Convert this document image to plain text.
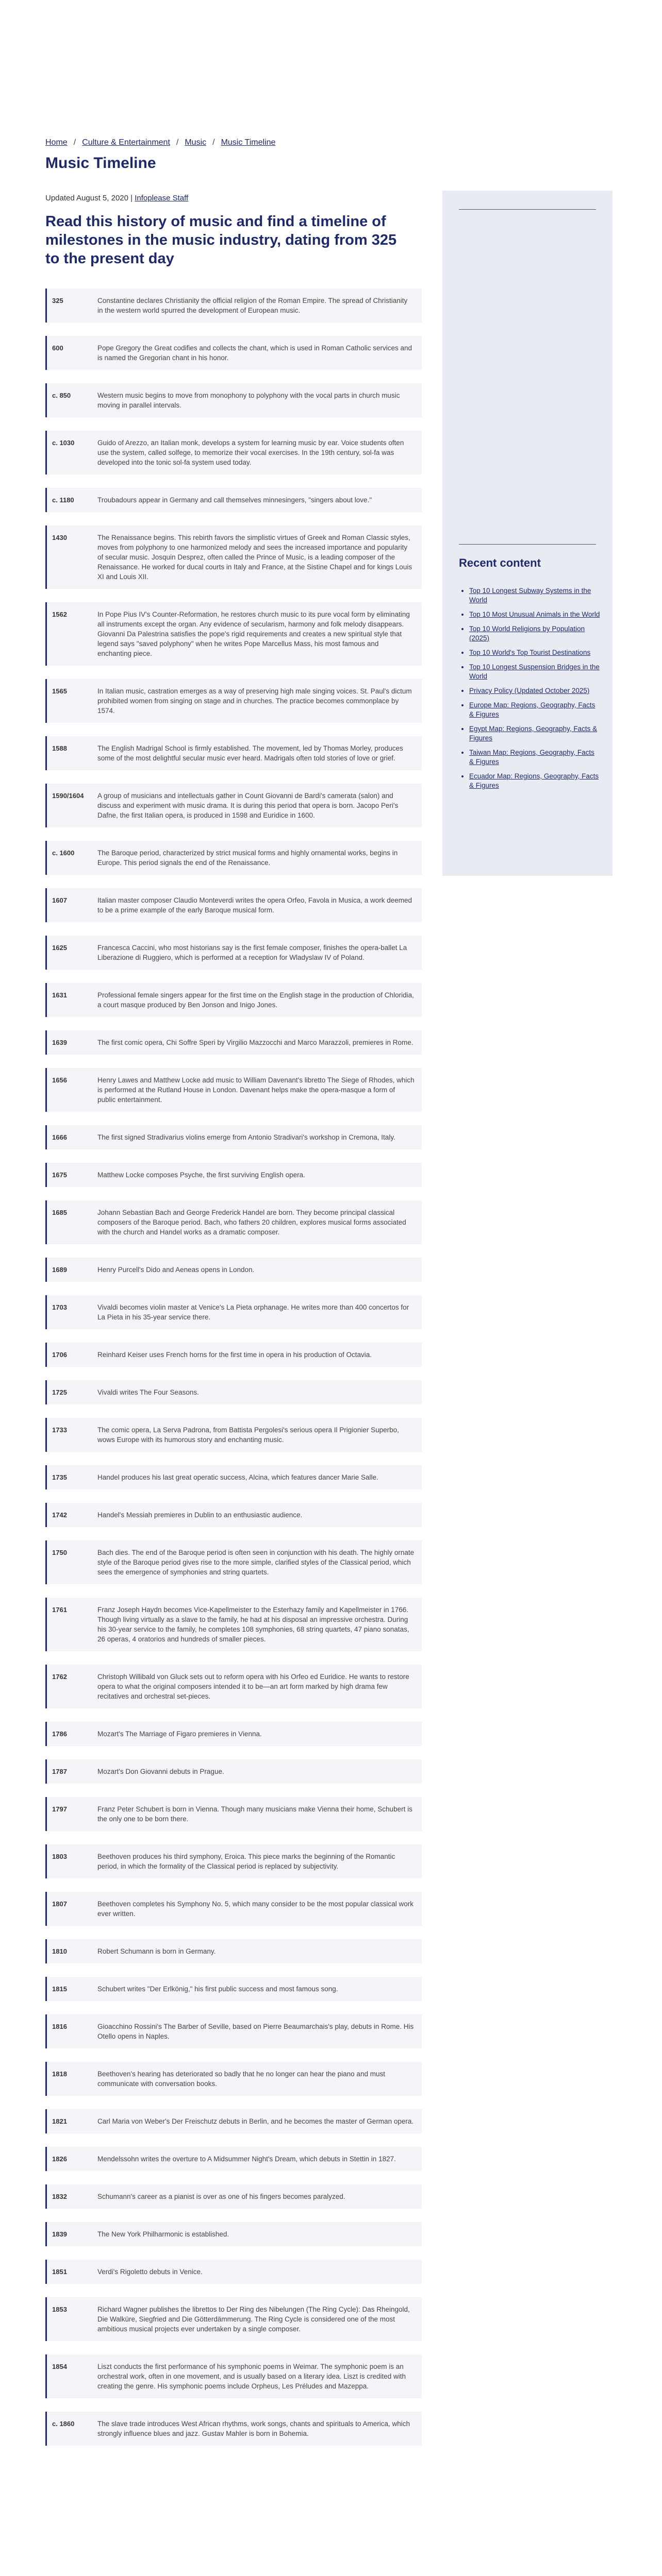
Home / Culture & Entertainment / Music / Music Timeline
Music Timeline
Updated August 5, 2020 | Infoplease Staff
Read this history of music and find a timeline of milestones in the music industry, dating from 325 to the present day
325	Constantine declares Christianity the official religion of the Roman Empire. The spread of Christianity in the western world spurred the development of European music.
600	Pope Gregory the Great codifies and collects the chant, which is used in Roman Catholic services and is named the Gregorian chant in his honor.
c. 850	Western music begins to move from monophony to polyphony with the vocal parts in church music moving in parallel intervals.
c. 1030	Guido of Arezzo, an Italian monk, develops a system for learning music by ear. Voice students often use the system, called solfege, to memorize their vocal exercises. In the 19th century, sol-fa was developed into the tonic sol-fa system used today.
c. 1180	Troubadours appear in Germany and call themselves minnesingers, "singers about love."
1430	The Renaissance begins. This rebirth favors the simplistic virtues of Greek and Roman Classic styles, moves from polyphony to one harmonized melody and sees the increased importance and popularity of secular music. Josquin Desprez, often called the Prince of Music, is a leading composer of the Renaissance. He worked for ducal courts in Italy and France, at the Sistine Chapel and for kings Louis XI and Louis XII.
1562	In Pope Pius IV's Counter-Reformation, he restores church music to its pure vocal form by eliminating all instruments except the organ. Any evidence of secularism, harmony and folk melody disappears. Giovanni Da Palestrina satisfies the pope's rigid requirements and creates a new spiritual style that legend says "saved polyphony" when he writes Pope Marcellus Mass, his most famous and enchanting piece.
1565	In Italian music, castration emerges as a way of preserving high male singing voices. St. Paul's dictum prohibited women from singing on stage and in churches. The practice becomes commonplace by 1574.
1588	The English Madrigal School is firmly established. The movement, led by Thomas Morley, produces some of the most delightful secular music ever heard. Madrigals often told stories of love or grief.
1590/1604	A group of musicians and intellectuals gather in Count Giovanni de Bardi's camerata (salon) and discuss and experiment with music drama. It is during this period that opera is born. Jacopo Peri's Dafne, the first Italian opera, is produced in 1598 and Euridice in 1600.
c. 1600	The Baroque period, characterized by strict musical forms and highly ornamental works, begins in Europe. This period signals the end of the Renaissance.
1607	Italian master composer Claudio Monteverdi writes the opera Orfeo, Favola in Musica, a work deemed to be a prime example of the early Baroque musical form.
1625	Francesca Caccini, who most historians say is the first female composer, finishes the opera-ballet La Liberazione di Ruggiero, which is performed at a reception for Wladyslaw IV of Poland.
1631	Professional female singers appear for the first time on the English stage in the production of Chloridia, a court masque produced by Ben Jonson and Inigo Jones.
1639	The first comic opera, Chi Soffre Speri by Virgilio Mazzocchi and Marco Marazzoli, premieres in Rome.
1656	Henry Lawes and Matthew Locke add music to William Davenant's libretto The Siege of Rhodes, which is performed at the Rutland House in London. Davenant helps make the opera-masque a form of public entertainment.
1666	The first signed Stradivarius violins emerge from Antonio Stradivari's workshop in Cremona, Italy.
1675	Matthew Locke composes Psyche, the first surviving English opera.
1685	Johann Sebastian Bach and George Frederick Handel are born. They become principal classical composers of the Baroque period. Bach, who fathers 20 children, explores musical forms associated with the church and Handel works as a dramatic composer.
1689	Henry Purcell's Dido and Aeneas opens in London.
1703	Vivaldi becomes violin master at Venice's La Pieta orphanage. He writes more than 400 concertos for La Pieta in his 35-year service there.
1706	Reinhard Keiser uses French horns for the first time in opera in his production of Octavia.
1725	Vivaldi writes The Four Seasons.
1733	The comic opera, La Serva Padrona, from Battista Pergolesi's serious opera Il Prigionier Superbo, wows Europe with its humorous story and enchanting music.
1735	Handel produces his last great operatic success, Alcina, which features dancer Marie Salle.
1742	Handel's Messiah premieres in Dublin to an enthusiastic audience.
1750	Bach dies. The end of the Baroque period is often seen in conjunction with his death. The highly ornate style of the Baroque period gives rise to the more simple, clarified styles of the Classical period, which sees the emergence of symphonies and string quartets.
1761	Franz Joseph Haydn becomes Vice-Kapellmeister to the Esterhazy family and Kapellmeister in 1766. Though living virtually as a slave to the family, he had at his disposal an impressive orchestra. During his 30-year service to the family, he completes 108 symphonies, 68 string quartets, 47 piano sonatas, 26 operas, 4 oratorios and hundreds of smaller pieces.
1762	Christoph Willibald von Gluck sets out to reform opera with his Orfeo ed Euridice. He wants to restore opera to what the original composers intended it to be—an art form marked by high drama few recitatives and orchestral set-pieces.
1786	Mozart's The Marriage of Figaro premieres in Vienna.
1787	Mozart's Don Giovanni debuts in Prague.
1797	Franz Peter Schubert is born in Vienna. Though many musicians make Vienna their home, Schubert is the only one to be born there.
1803	Beethoven produces his third symphony, Eroica. This piece marks the beginning of the Romantic period, in which the formality of the Classical period is replaced by subjectivity.
1807	Beethoven completes his Symphony No. 5, which many consider to be the most popular classical work ever written.
1810	Robert Schumann is born in Germany.
1815	Schubert writes "Der Erlkönig," his first public success and most famous song.
1816	Gioacchino Rossini's The Barber of Seville, based on Pierre Beaumarchais's play, debuts in Rome. His Otello opens in Naples.
1818	Beethoven's hearing has deteriorated so badly that he no longer can hear the piano and must communicate with conversation books.
1821	Carl Maria von Weber's Der Freischutz debuts in Berlin, and he becomes the master of German opera.
1826	Mendelssohn writes the overture to A Midsummer Night's Dream, which debuts in Stettin in 1827.
1832	Schumann's career as a pianist is over as one of his fingers becomes paralyzed.
1839	The New York Philharmonic is established.
1851	Verdi's Rigoletto debuts in Venice.
1853	Richard Wagner publishes the librettos to Der Ring des Nibelungen (The Ring Cycle): Das Rheingold, Die Walküre, Siegfried and Die Götterdämmerung. The Ring Cycle is considered one of the most ambitious musical projects ever undertaken by a single composer.
1854	Liszt conducts the first performance of his symphonic poems in Weimar. The symphonic poem is an orchestral work, often in one movement, and is usually based on a literary idea. Liszt is credited with creating the genre. His symphonic poems include Orpheus, Les Préludes and Mazeppa.
c. 1860	The slave trade introduces West African rhythms, work songs, chants and spirituals to America, which strongly influence blues and jazz. Gustav Mahler is born in Bohemia.
Recent content
• Top 10 Longest Subway Systems in the World
• Top 10 Most Unusual Animals in the World
• Top 10 World Religions by Population (2025)
• Top 10 World's Top Tourist Destinations
• Top 10 Longest Suspension Bridges in the World
• Privacy Policy (Updated October 2025)
• Europe Map: Regions, Geography, Facts & Figures
• Egypt Map: Regions, Geography, Facts & Figures
• Taiwan Map: Regions, Geography, Facts & Figures
• Ecuador Map: Regions, Geography, Facts & Figures
